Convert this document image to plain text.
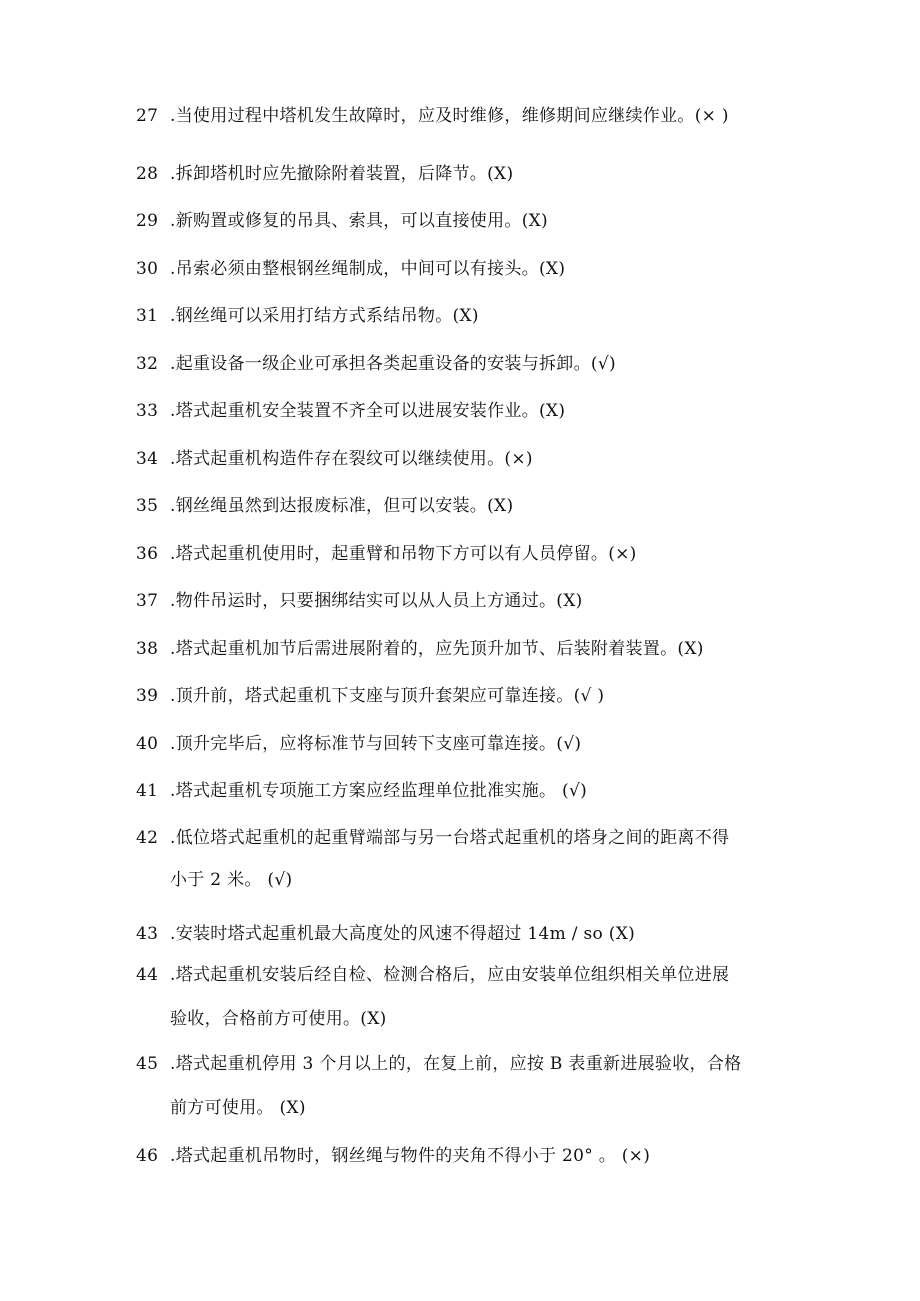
27 .当使用过程中塔机发生故障时，应及时维修，维修期间应继续作业。(× )
28 .拆卸塔机时应先撤除附着装置，后降节。(X)
29 .新购置或修复的吊具、索具，可以直接使用。(X)
30 .吊索必须由整根钢丝绳制成，中间可以有接头。(X)
31 .钢丝绳可以采用打结方式系结吊物。(X)
32 .起重设备一级企业可承担各类起重设备的安装与拆卸。(√)
33 .塔式起重机安全装置不齐全可以进展安装作业。(X)
34 .塔式起重机构造件存在裂纹可以继续使用。(×)
35 .钢丝绳虽然到达报废标准，但可以安装。(X)
36 .塔式起重机使用时，起重臂和吊物下方可以有人员停留。(×)
37 .物件吊运时，只要捆绑结实可以从人员上方通过。(X)
38 .塔式起重机加节后需进展附着的，应先顶升加节、后装附着装置。(X)
39 .顶升前，塔式起重机下支座与顶升套架应可靠连接。(√ )
40 .顶升完毕后，应将标准节与回转下支座可靠连接。(√)
41 .塔式起重机专项施工方案应经监理单位批准实施。 (√)
42 .低位塔式起重机的起重臂端部与另一台塔式起重机的塔身之间的距离不得
小于 2 米。 (√)
43 .安装时塔式起重机最大高度处的风速不得超过 14m / so (X)
44 .塔式起重机安装后经自检、检测合格后，应由安装单位组织相关单位进展
验收，合格前方可使用。(X)
45 .塔式起重机停用 3 个月以上的，在复上前，应按 B 表重新进展验收，合格
前方可使用。 (X)
46 .塔式起重机吊物时，钢丝绳与物件的夹角不得小于 20° 。 (×)
